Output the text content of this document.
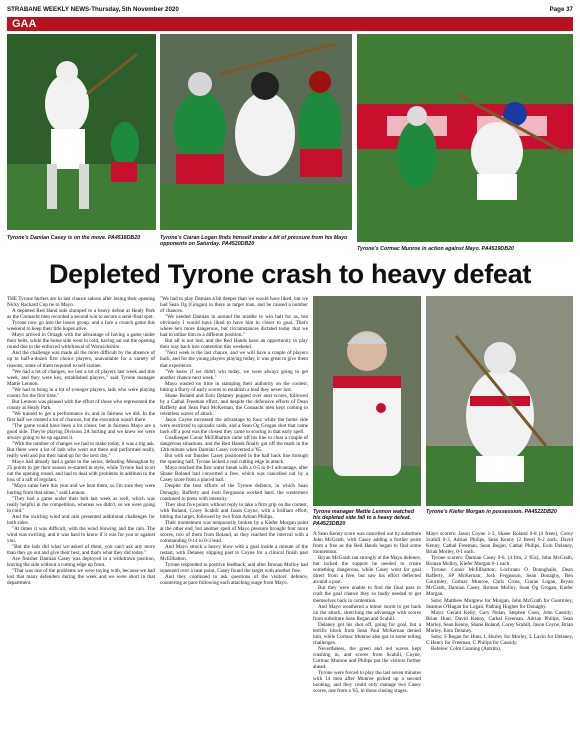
STRABANE WEEKLY NEWS-Thursday, 5th November 2020	Page 37
GAA
Tyrone's Damian Casey is on the move. PA4518DB20	Tyrone's Ciaran Logan finds himself under a bit of pressure from his Mayo opponents on Saturday. PA4520DB20
Tyrone's Cormac Munroe in action against Mayo. PA4519DB20
Depleted Tyrone crash to heavy defeat

THE Tyrone hurlers are in last chance saloon after losing their opening Nicky Rackard Cup tie to Mayo.

A depleted Red Hand side slumped to a heavy defeat at Healy Park as the Connacht men recorded a second win to secure a semi-final spot.

Tyrone now go into the losers group, and a face a crunch game this weekend to keep their title hopes alive.

Mayo arrived in Omagh with the advantage of having a game under their belts, while the home side went in cold, having sat out the opening round due to the enforced withdrawal of Warwickshire.

And the challenge was made all the more difficult by the absence of up to half-a-dozen first choice players, unavailable for a variety of reasons, some of them required to self-isolate.

"We had a lot of changes, we lost a lot of players last week and this week, and they were key, established players," said Tyrone manager Mattie Lennon.

"We had to bring in a lot of younger players, lads who were playing county for the first time."

But Lennon was pleased with the effort of those who represented the county at Healy Park.

"We trained to get a performance in, and in fairness we did. In the first half we created a lot of chances, but the execution wasn't there.

"The game could have been a lot closer, but in fairness Mayo are a good side. They're playing Division 2A hurling and we knew we were always going to be up against it.

"With the number of changes we had to make today, it was a big ask. But there were a lot of lads who went out there and performed really, really well and put their hand up for the next day."

Mayo had already had a game in the series, defeating Monaghan by 25 points to get their season re-started in style, while Tyrone had to sit out the opening round, and had to deal with problems in addition to the loss of a raft of regulars.

"Mayo came here this year and we beat them, so I'm sure they were hurting from that alone," said Lennon.

"They had a game under their belt last week as well, which was really helpful in the competition, whereas we didn't, so we were going in cold."

And the swirling wind and rain presented additional challenges for both sides.

"At times it was difficult, with the wind blowing and the rain. The wind was swirling, and it was hard to know if it was for you or against you.

"But the lads did what we asked of them, you can't ask any more than they go out and give their best, and that's what they did today."

Ace finisher Damian Casey was deployed in a withdrawn position, leaving the side without a cutting edge up front.

"That was one of the problems we were toying with, because we had lost that many defenders during the week and we were short in that department.

"We had to play Damian a bit deeper than we would have liked, but we had Sean Og (Grogan) in there as target man, and he caused a number of chances.

"We needed Damian in around the middle to win ball for us, but obviously I would have liked to have him in closer to goal. That's where he's more dangerous, but circumstances dictated today that we had to utilise him in a different position."

But all is not lost, and the Red Hands have an opportunity to play their way back into contention this weekend.

"Next week is the last chance, and we will have a couple of players back, and for the young players playing today, it was great to give them that experience.

"We knew if we didn't win today, we were always going to get another chance next week."

Mayo wasted no time in stamping their authority on the contest, hitting a flurry of early scores to establish a lead they never lost.

Shane Boland and Eoin Delaney popped over neat scores, followed by a Cathal Freeman effort, and despite the defensive efforts of Dean Rafferty and Sean Paul McKernan, the Connacht men kept coming in relentless waves of attack.

Jason Coyne increased the advantage to four, while the home side were restricted to sporadic raids, and a Sean Og Grogan shot that came back off a post was the closest they came to scoring in that early spell.

Goalkeeper Conor McEllhatton came off his line to clear a couple of dangerous situations, and the Red Hands finally got off the mark in the 12th minute when Damian Casey converted a '65.

But with our finisher Casey positioned in the half back line through the opening half, Tyrone lacked a real cutting edge in attack.

Mayo reached the first water break with a 0-5 to 0-1 advantage, after Shane Boland had converted a free, which was cancelled out by a Casey score from a placed ball.

Despite the best efforts of the Tyrone defence, in which Sean Donaghy, Rafferty and Josh Fergusson worked hard, the westerners continued to press with intensity.

They shot five points without reply to take a firm grip on the contest, with Boland, Corey Scahill and Jason Coyne, with a brilliant effort, hitting the target, followed by two from Adrian Philips.

Their momentum was temporarily broken by a Kiefer Morgan point at the other end, but another spell of Mayo pressure brought four more scores, two of them from Boland, as they reached the interval with a commanding 0-14 to 0-3 lead.

And Mayo struck a heavy blow with a goal inside a minute of the restart, with Delaney slipping past to Coyne for a clinical finish past McEllhatton.

Tyrone responded to positive feedback, and after Bronan Molloy had squeezed over a neat point, Casey found the target with another free.

And they continued to ask questions of the visitors' defence, countering at pace following each attacking surge from Mayo.

Tyrone manager Mattie Lennon watched his depleted side fall to a heavy defeat. PA4523DB20
Tyrone's Kiefer Morgan in possession. PA4522DB20

A Sean Kenny score was cancelled out by substitute John McGrath, with Casey adding a further point from a free as the Red Hands began to find some momentum.

Bryan McGrath ran strongly at the Mayo defence, but lacked the support he needed to create something dangerous, while Casey went for goal direct from a free, but saw his effort deflected around a post.

But they were unable to find the final pass to craft the goal chance they so badly needed to get themselves back in contention.

And Mayo weathered a minor storm to get back on the attack, stretching the advantage with scores from substitute Sean Regan and Scahill.

Delaney got his shot off, going for goal, but a terrific block from Sean Paul McKernan denied him, while Cormac Munroe also got in some telling challenges.

Nevertheless, the green and red waves kept crashing in, and scores from Scahill, Coyne, Cormac Munroe and Philips put the visitors further ahead.

Tyrone were forced to play the last seven minutes with 14 men after Munroe picked up a second booking, and they could only manage two Casey scores, one from a '65, in those closing stages.

Mayo scorers: Jason Coyne 1-3, Shane Boland 0-8 (4 frees), Corey Scahill 0-3, Adrian Philips, Sean Kenny (2 frees) 0-2 each, David Kenny, Cathal Freeman, Sean Regan, Cathal Philips, Eoin Delaney, Brian Morley, 0-1 each.

Tyrone scorers: Damian Casey 0-6, (4 frm, 2 '65s), John McGrath, Bronan Molloy, Kiefer Morgan 0-1 each

Tyrone: Conor McEllhatton; Lochrann O Donnghaile, Dean Rafferty, SP McKernan; Josh Fergusson, Sean Donaghy, Ben Goormley, Cormac Munroe, Chris Cross, Ciaran Logan, Bryan McGrath, Damian Casey, Bronan Molloy, Sean Og Grogan, Kiefer Morgan.

Subs: Matthew Mulgrew for Morgan, John McGrath for Goormley, Seamus O'Hagan for Logan, Padraig Hughes for Donaghy.

Mayo: Gerald Kelly; Gary Nolan, Stephen Coen, John Cassidy; Brian Hunt, David Kenny, Cathal Freeman, Adrian Philips, Sean Morley, Sean Kenny, Shane Boland, Corey Scahill, Jason Coyne, Brian Morley, Eoin Delaney.

Subs: S Regan for Hunt, L Hurley for Morley, L Lavin for Delaney, C Henry for Freeman, C Philips for Cassidy.

Referee: Colm Cunning (Antrim).
